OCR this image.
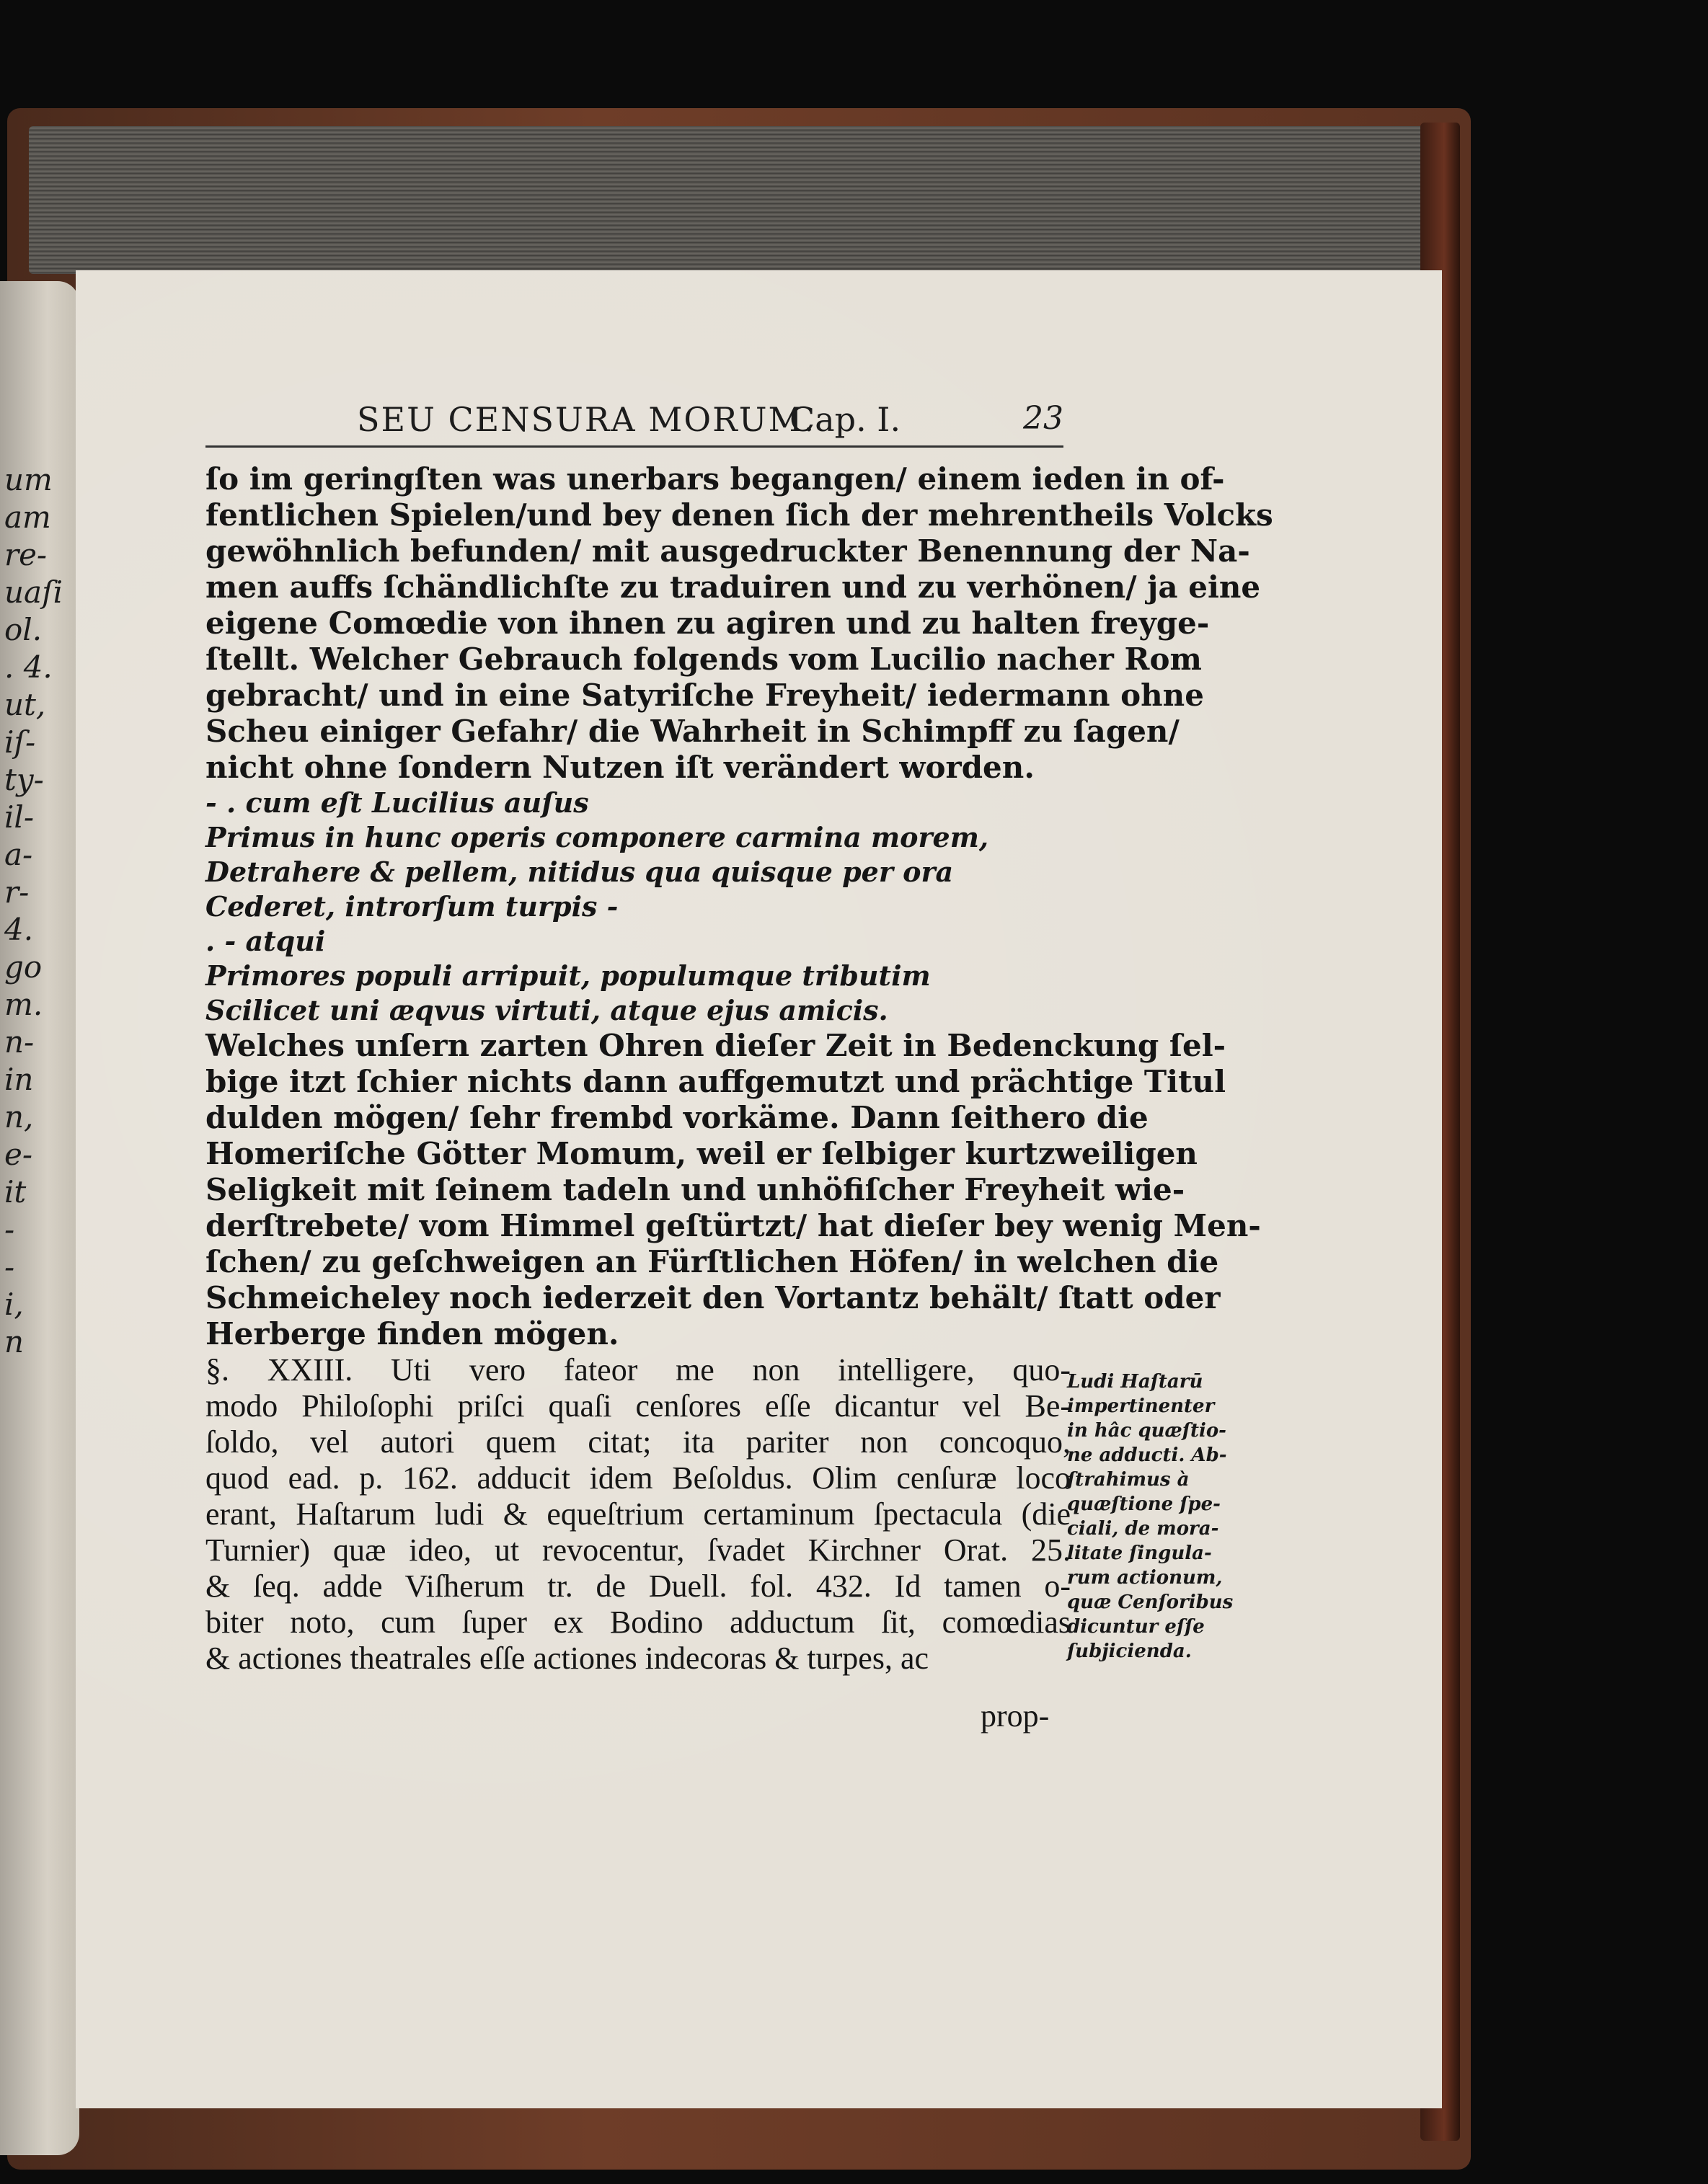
um
am
re-
uaſi
ol.
. 4.
ut,
iſ-
ty-
il-
a-
r-
4.
go
m.
n-
in
n,
e-
it
-
-
i,
n
SEU CENSURA MORUM.
Cap. I.	23
ſo im geringſten was unerbars begangen/ einem ieden in of-
fentlichen Spielen/und bey denen ſich der mehrentheils Volcks
gewöhnlich befunden/ mit ausgedruckter Benennung der Na-
men auffs ſchändlichſte zu traduiren und zu verhönen/ ja eine
eigene Comœdie von ihnen zu agiren und zu halten freyge-
ſtellt. Welcher Gebrauch folgends vom Lucilio nacher Rom
gebracht/ und in eine Satyriſche Freyheit/ iedermann ohne
Scheu einiger Gefahr/ die Wahrheit in Schimpff zu ſagen/
nicht ohne ſondern Nutzen iſt verändert worden.
- . cum eſt Lucilius auſus
Primus in hunc operis componere carmina morem,
Detrahere & pellem, nitidus qua quisque per ora
Cederet, introrſum turpis -
. - atqui
Primores populi arripuit, populumque tributim
Scilicet uni æqvus virtuti, atque ejus amicis.
Welches unſern zarten Ohren dieſer Zeit in Bedenckung ſel-
bige itzt ſchier nichts dann auffgemutzt und prächtige Titul
dulden mögen/ ſehr frembd vorkäme. Dann ſeithero die
Homeriſche Götter Momum, weil er ſelbiger kurtzweiligen
Seligkeit mit ſeinem tadeln und unhöfiſcher Freyheit wie-
derſtrebete/ vom Himmel geſtürtzt/ hat dieſer bey wenig Men-
ſchen/ zu geſchweigen an Fürſtlichen Höfen/ in welchen die
Schmeicheley noch iederzeit den Vortantz behält/ ſtatt oder
Herberge finden mögen.
§. XXIII. Uti vero fateor me non intelligere, quo-
modo Philoſophi priſci quaſi cenſores eſſe dicantur vel Be-
ſoldo, vel autori quem citat; ita pariter non concoquo,
quod ead. p. 162. adducit idem Beſoldus. Olim cenſuræ loco
erant, Haſtarum ludi & equeſtrium certaminum ſpectacula (die
Turnier) quæ ideo, ut revocentur, ſvadet Kirchner Orat. 25.
& ſeq. adde Viſherum tr. de Duell. fol. 432. Id tamen o-
biter noto, cum ſuper ex Bodino adductum ſit, comœdias
& actiones theatrales eſſe actiones indecoras & turpes, ac
Ludi Haſtarū
impertinenter
in hâc quæſtio-
ne adducti. Ab-
ſtrahimus à
quæſtione ſpe-
ciali, de mora-
litate ſingula-
rum actionum,
quæ Cenſoribus
dicuntur eſſe
ſubjicienda.
prop-
